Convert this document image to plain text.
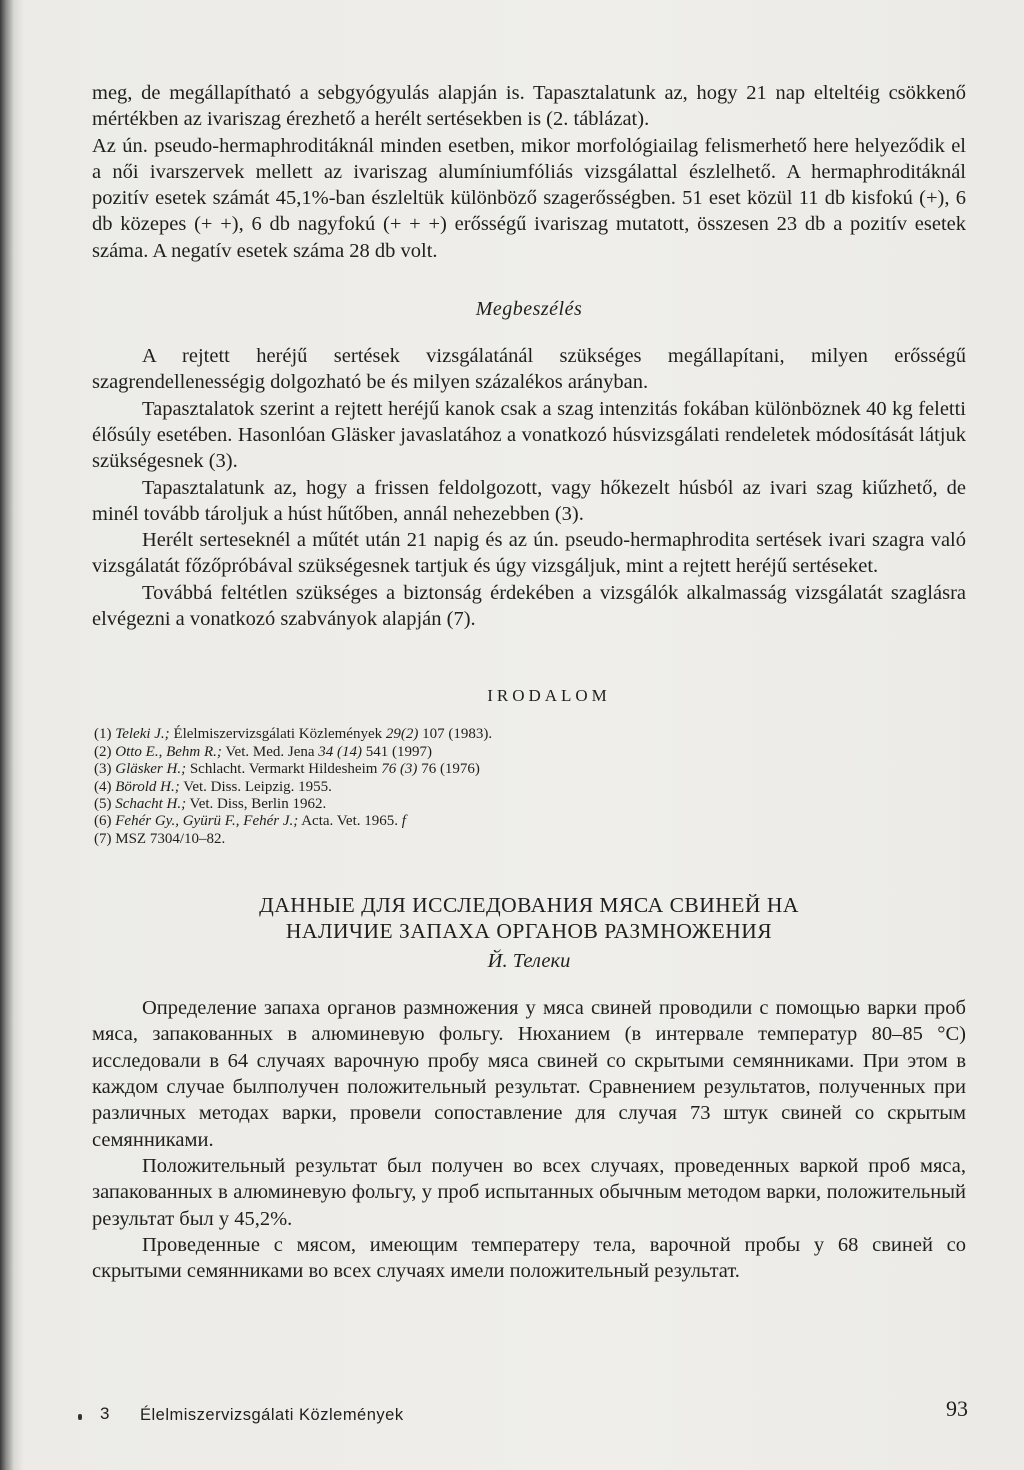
meg, de megállapítható a sebgyógyulás alapján is. Tapasztalatunk az, hogy 21 nap elteltéig csökkenő mértékben az ivariszag érezhető a herélt sertésekben is (2. táblázat).

Az ún. pseudo-hermaphroditáknál minden esetben, mikor morfológiailag felismerhető here helyeződik el a női ivarszervek mellett az ivariszag alumíniumfóliás vizsgálattal észlelhető. A hermaphroditáknál pozitív esetek számát 45,1%-ban észleltük különböző szagerősségben. 51 eset közül 11 db kisfokú (+), 6 db közepes (+ +), 6 db nagyfokú (+ + +) erősségű ivariszag mutatott, összesen 23 db a pozitív esetek száma. A negatív esetek száma 28 db volt.

Megbeszélés

A rejtett heréjű sertések vizsgálatánál szükséges megállapítani, milyen erősségű szagrendellenességig dolgozható be és milyen százalékos arányban.

Tapasztalatok szerint a rejtett heréjű kanok csak a szag intenzitás fokában különböznek 40 kg feletti élősúly esetében. Hasonlóan Gläsker javaslatához a vonatkozó húsvizsgálati rendeletek módosítását látjuk szükségesnek (3).

Tapasztalatunk az, hogy a frissen feldolgozott, vagy hőkezelt húsból az ivari szag kiűzhető, de minél tovább tároljuk a húst hűtőben, annál nehezebben (3).

Herélt serteseknél a műtét után 21 napig és az ún. pseudo-hermaphrodita sertések ivari szagra való vizsgálatát főzőpróbával szükségesnek tartjuk és úgy vizsgáljuk, mint a rejtett heréjű sertéseket.

Továbbá feltétlen szükséges a biztonság érdekében a vizsgálók alkalmasság vizsgálatát szaglásra elvégezni a vonatkozó szabványok alapján (7).

IRODALOM
(1) Teleki J.; Élelmiszervizsgálati Közlemények 29(2) 107 (1983).
(2) Otto E., Behm R.; Vet. Med. Jena 34 (14) 541 (1997)
(3) Gläsker H.; Schlacht. Vermarkt Hildesheim 76 (3) 76 (1976)
(4) Börold H.; Vet. Diss. Leipzig. 1955.
(5) Schacht H.; Vet. Diss, Berlin 1962.
(6) Fehér Gy., Gyürü F., Fehér J.; Acta. Vet. 1965. f
(7) MSZ 7304/10–82.
ДАННЫЕ ДЛЯ ИССЛЕДОВАНИЯ МЯСА СВИНЕЙ НА
НАЛИЧИЕ ЗАПАХА ОРГАНОВ РАЗМНОЖЕНИЯ
Й. Телеки

Определение запаха органов размножения у мяса свиней проводили с помощью варки проб мяса, запакованных в алюминевую фольгу. Нюханием (в интервале температур 80–85 °C) исследовали в 64 случаях варочную пробу мяса свиней со скрытыми семянниками. При этом в каждом случае былполучен положительный результат. Сравнением результатов, полученных при различных методах варки, провели сопоставление для случая 73 штук свиней со скрытым семянниками.

Положительный результат был получен во всех случаях, проведенных варкой проб мяса, запакованных в алюминевую фольгу, у проб испытанных обычным методом варки, положительный результат был у 45,2%.

Проведенные с мясом, имеющим температеру тела, варочной пробы у 68 свиней со скрытыми семянниками во всех случаях имели положительный результат.

3 Élelmiszervizsgálati Közlemények	93
